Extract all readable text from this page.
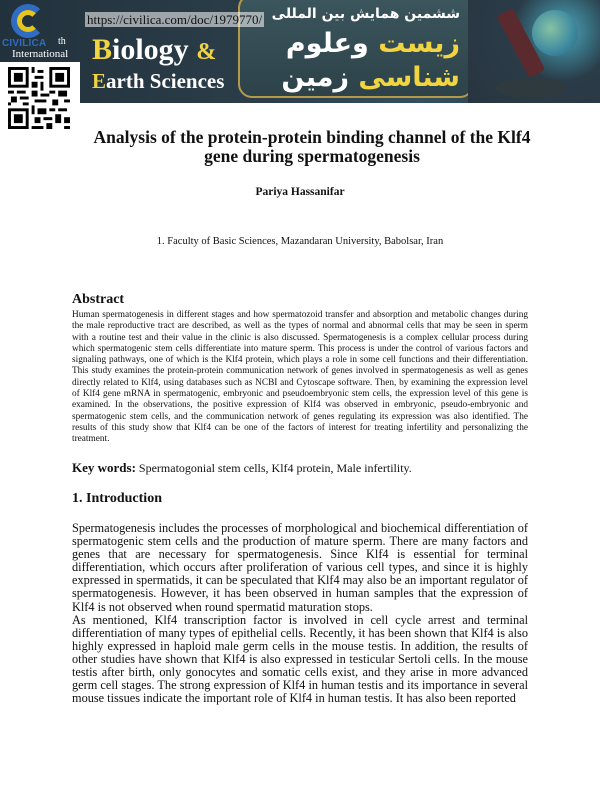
ششمین همایش بین المللی
زیست وعلوم
شناسی زمین
Biology &
Earth Sciences
CIVILICA th
International
https://civilica.com/doc/1979770/
Analysis of the protein-protein binding channel of the Klf4 gene during spermatogenesis
Pariya Hassanifar
1. Faculty of Basic Sciences, Mazandaran University, Babolsar, Iran
Abstract
Human spermatogenesis in different stages and how spermatozoid transfer and absorption and metabolic changes during the male reproductive tract are described, as well as the types of normal and abnormal cells that may be seen in sperm with a routine test and their value in the clinic is also discussed. Spermatogenesis is a complex cellular process during which spermatogenic stem cells differentiate into mature sperm. This process is under the control of various factors and signaling pathways, one of which is the Klf4 protein, which plays a role in some cell functions and their differentiation. This study examines the protein-protein communication network of genes involved in spermatogenesis as well as genes directly related to Klf4, using databases such as NCBI and Cytoscape software. Then, by examining the expression level of Klf4 gene mRNA in spermatogenic, embryonic and pseudoembryonic stem cells, the expression level of this gene is examined. In the observations, the positive expression of Klf4 was observed in embryonic, pseudo-embryonic and spermatogenic stem cells, and the communication network of genes regulating its expression was also identified. The results of this study show that Klf4 can be one of the factors of interest for treating infertility and personalizing the treatment.
Key words: Spermatogonial stem cells, Klf4 protein, Male infertility.
1. Introduction

Spermatogenesis includes the processes of morphological and biochemical differentiation of spermatogenic stem cells and the production of mature sperm. There are many factors and genes that are necessary for spermatogenesis. Since Klf4 is essential for terminal differentiation, which occurs after proliferation of various cell types, and since it is highly expressed in spermatids, it can be speculated that Klf4 may also be an important regulator of spermatogenesis. However, it has been observed in human samples that the expression of Klf4 is not observed when round spermatid maturation stops.

As mentioned, Klf4 transcription factor is involved in cell cycle arrest and terminal differentiation of many types of epithelial cells. Recently, it has been shown that Klf4 is also highly expressed in haploid male germ cells in the mouse testis. In addition, the results of other studies have shown that Klf4 is also expressed in testicular Sertoli cells. In the mouse testis after birth, only gonocytes and somatic cells exist, and they arise in more advanced germ cell stages. The strong expression of Klf4 in human testis and its importance in several mouse tissues indicate the important role of Klf4 in human testis. It has also been reported
